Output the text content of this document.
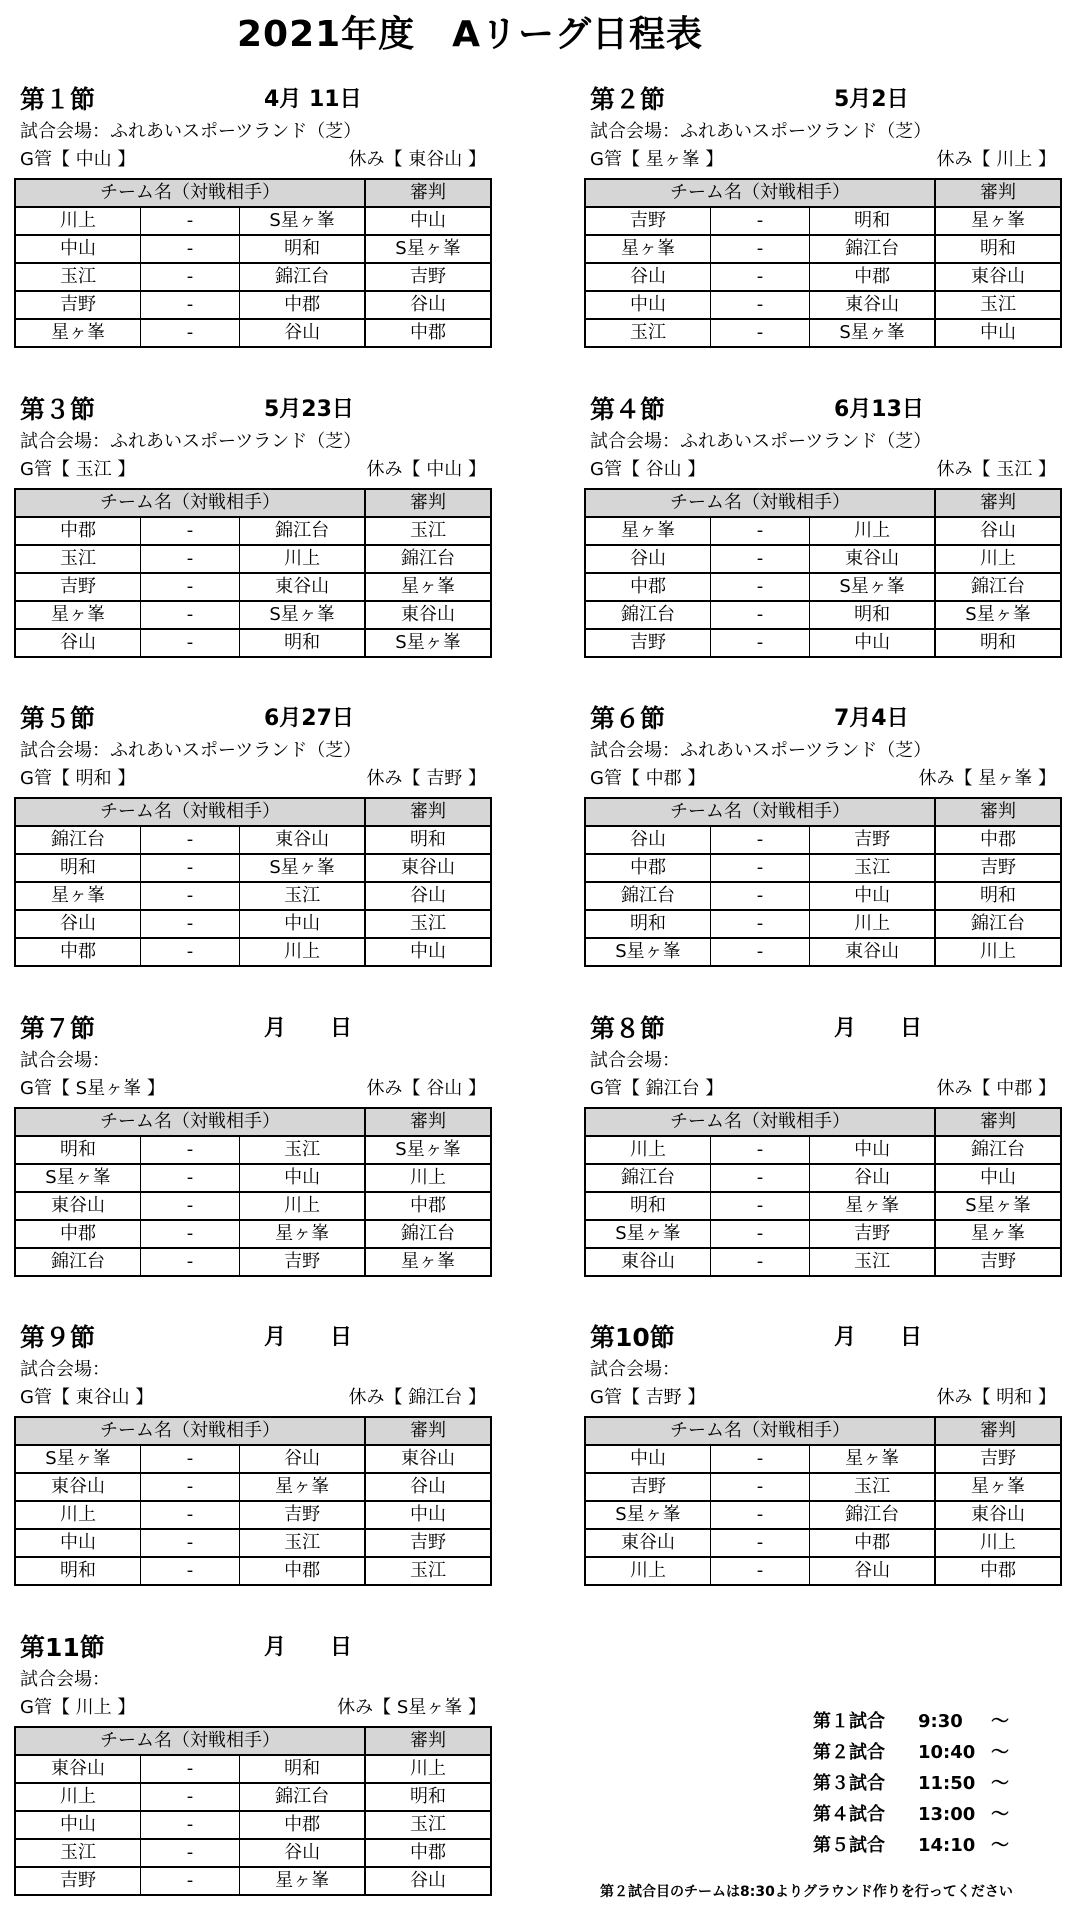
2021年度　Aリーグ日程表
第１節	4月 11日
試合会場：ふれあいスポーツランド（芝）
G管【 中山 】	休み【 東谷山 】
チーム名（対戦相手）			審判
川上	-	S星ヶ峯	中山
中山	-	明和	S星ヶ峯
玉江	-	錦江台	吉野
吉野	-	中郡	谷山
星ヶ峯	-	谷山	中郡
第２節	5月2日
試合会場：ふれあいスポーツランド（芝）
G管【 星ヶ峯 】	休み【 川上 】
チーム名（対戦相手）			審判
吉野	-	明和	星ヶ峯
星ヶ峯	-	錦江台	明和
谷山	-	中郡	東谷山
中山	-	東谷山	玉江
玉江	-	S星ヶ峯	中山
第３節	5月23日
試合会場：ふれあいスポーツランド（芝）
G管【 玉江 】	休み【 中山 】
チーム名（対戦相手）			審判
中郡	-	錦江台	玉江
玉江	-	川上	錦江台
吉野	-	東谷山	星ヶ峯
星ヶ峯	-	S星ヶ峯	東谷山
谷山	-	明和	S星ヶ峯
第４節	6月13日
試合会場：ふれあいスポーツランド（芝）
G管【 谷山 】	休み【 玉江 】
チーム名（対戦相手）			審判
星ヶ峯	-	川上	谷山
谷山	-	東谷山	川上
中郡	-	S星ヶ峯	錦江台
錦江台	-	明和	S星ヶ峯
吉野	-	中山	明和
第５節	6月27日
試合会場：ふれあいスポーツランド（芝）
G管【 明和 】	休み【 吉野 】
チーム名（対戦相手）			審判
錦江台	-	東谷山	明和
明和	-	S星ヶ峯	東谷山
星ヶ峯	-	玉江	谷山
谷山	-	中山	玉江
中郡	-	川上	中山
第６節	7月4日
試合会場：ふれあいスポーツランド（芝）
G管【 中郡 】	休み【 星ヶ峯 】
チーム名（対戦相手）			審判
谷山	-	吉野	中郡
中郡	-	玉江	吉野
錦江台	-	中山	明和
明和	-	川上	錦江台
S星ヶ峯	-	東谷山	川上
第７節	月　　日
試合会場：
G管【 S星ヶ峯 】	休み【 谷山 】
チーム名（対戦相手）			審判
明和	-	玉江	S星ヶ峯
S星ヶ峯	-	中山	川上
東谷山	-	川上	中郡
中郡	-	星ヶ峯	錦江台
錦江台	-	吉野	星ヶ峯
第８節	月　　日
試合会場：
G管【 錦江台 】	休み【 中郡 】
チーム名（対戦相手）			審判
川上	-	中山	錦江台
錦江台	-	谷山	中山
明和	-	星ヶ峯	S星ヶ峯
S星ヶ峯	-	吉野	星ヶ峯
東谷山	-	玉江	吉野
第９節	月　　日
試合会場：
G管【 東谷山 】	休み【 錦江台 】
チーム名（対戦相手）			審判
S星ヶ峯	-	谷山	東谷山
東谷山	-	星ヶ峯	谷山
川上	-	吉野	中山
中山	-	玉江	吉野
明和	-	中郡	玉江
第10節	月　　日
試合会場：
G管【 吉野 】	休み【 明和 】
チーム名（対戦相手）			審判
中山	-	星ヶ峯	吉野
吉野	-	玉江	星ヶ峯
S星ヶ峯	-	錦江台	東谷山
東谷山	-	中郡	川上
川上	-	谷山	中郡
第11節	月　　日
試合会場：
G管【 川上 】	休み【 S星ヶ峯 】
チーム名（対戦相手）			審判
東谷山	-	明和	川上
川上	-	錦江台	明和
中山	-	中郡	玉江
玉江	-	谷山	中郡
吉野	-	星ヶ峯	谷山
第１試合 9:30 ～
第２試合 10:40 ～
第３試合 11:50 ～
第４試合 13:00 ～
第５試合 14:10 ～
第２試合目のチームは8:30よりグラウンド作りを行ってください
